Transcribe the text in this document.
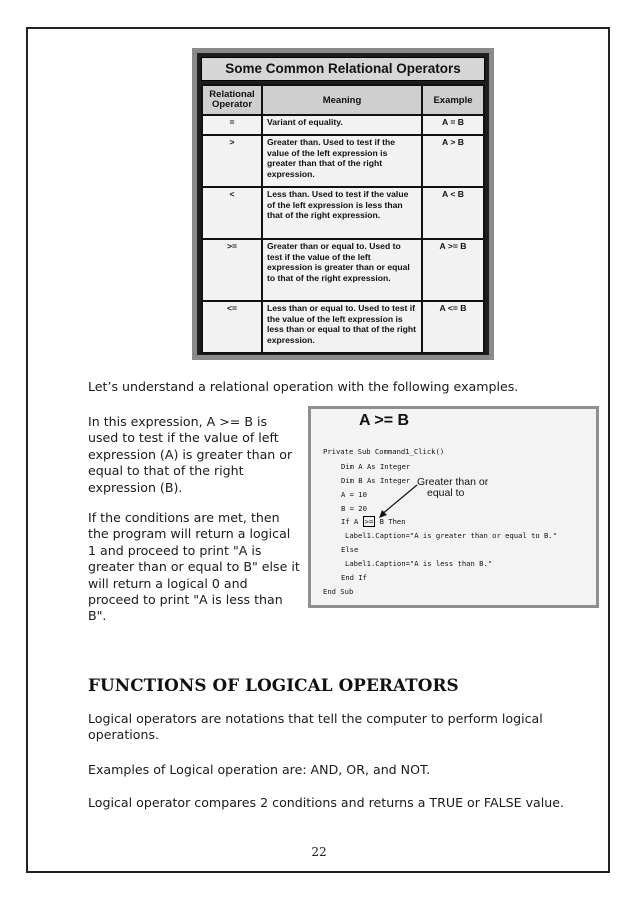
Some Common Relational Operators
Relational Operator	Meaning	Example
=	Variant of equality.	A = B
>	Greater than. Used to test if the value of the left expression is greater than that of the right expression.	A > B
<	Less than. Used to test if the value of the left expression is less than that of the right expression.	A < B
>=	Greater than or equal to. Used to test if the value of the left expression is greater than or equal to that of the right expression.	A >= B
<=	Less than or equal to. Used to test if the value of the left expression is less than or equal to that of the right expression.	A <= B

Let’s understand a relational operation with the following examples.

In this expression, A >= B is used to test if the value of left expression (A) is greater than or equal to that of the right expression (B).

If the conditions are met, then the program will return a logical 1 and proceed to print "A is greater than or equal to B" else it will return a logical 0 and proceed to print "A is less than B".

A >= B
Private Sub Command1_Click()
Dim A As Integer
Dim B As Integer
A = 10
B = 20
If A >= B Then
Label1.Caption="A is greater than or equal to B."
Else
Label1.Caption="A is less than B."
End If
End Sub
Greater than or
equal to
FUNCTIONS OF LOGICAL OPERATORS

Logical operators are notations that tell the computer to perform logical operations.

Examples of Logical operation are: AND, OR, and NOT.

Logical operator compares 2 conditions and returns a TRUE or FALSE value.

22
